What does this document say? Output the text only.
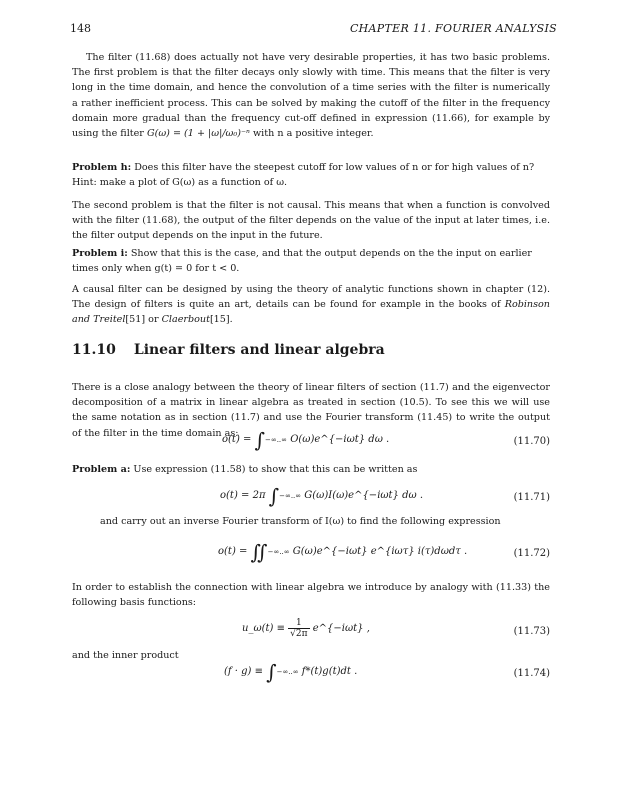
148	CHAPTER 11. FOURIER ANALYSIS
The filter (11.68) does actually not have very desirable properties, it has two basic problems. The first problem is that the filter decays only slowly with time. This means that the filter is very long in the time domain, and hence the convolution of a time series with the filter is numerically a rather inefficient process. This can be solved by making the cutoff of the filter in the frequency domain more gradual than the frequency cut-off defined in expression (11.66), for example by using the filter G(ω) = (1 + |ω|/ω₀)⁻ⁿ with n a positive integer.
Problem h: Does this filter have the steepest cutoff for low values of n or for high values of n? Hint: make a plot of G(ω) as a function of ω.
The second problem is that the filter is not causal. This means that when a function is convolved with the filter (11.68), the output of the filter depends on the value of the input at later times, i.e. the filter output depends on the input in the future.
Problem i: Show that this is the case, and that the output depends on the the input on earlier times only when g(t) = 0 for t < 0.
A causal filter can be designed by using the theory of analytic functions shown in chapter (12). The design of filters is quite an art, details can be found for example in the books of Robinson and Treitel[51] or Claerbout[15].
11.10 Linear filters and linear algebra
There is a close analogy between the theory of linear filters of section (11.7) and the eigenvector decomposition of a matrix in linear algebra as treated in section (10.5). To see this we will use the same notation as in section (11.7) and use the Fourier transform (11.45) to write the output of the filter in the time domain as:
o(t) = ∫−∞..∞ O(ω)e^{−iωt} dω .	(11.70)
Problem a: Use expression (11.58) to show that this can be written as
o(t) = 2π ∫−∞..∞ G(ω)I(ω)e^{−iωt} dω .	(11.71)
and carry out an inverse Fourier transform of I(ω) to find the following expression
o(t) = ∬−∞..∞ G(ω)e^{−iωt} e^{iωτ} i(τ)dωdτ .	(11.72)
In order to establish the connection with linear algebra we introduce by analogy with (11.33) the following basis functions:
u_ω(t) ≡ $\frac{1}{√2\pi}$ e^{−iωt} ,	(11.73)
and the inner product
(f · g) ≡ ∫−∞..∞ f*(t)g(t)dt .	(11.74)
